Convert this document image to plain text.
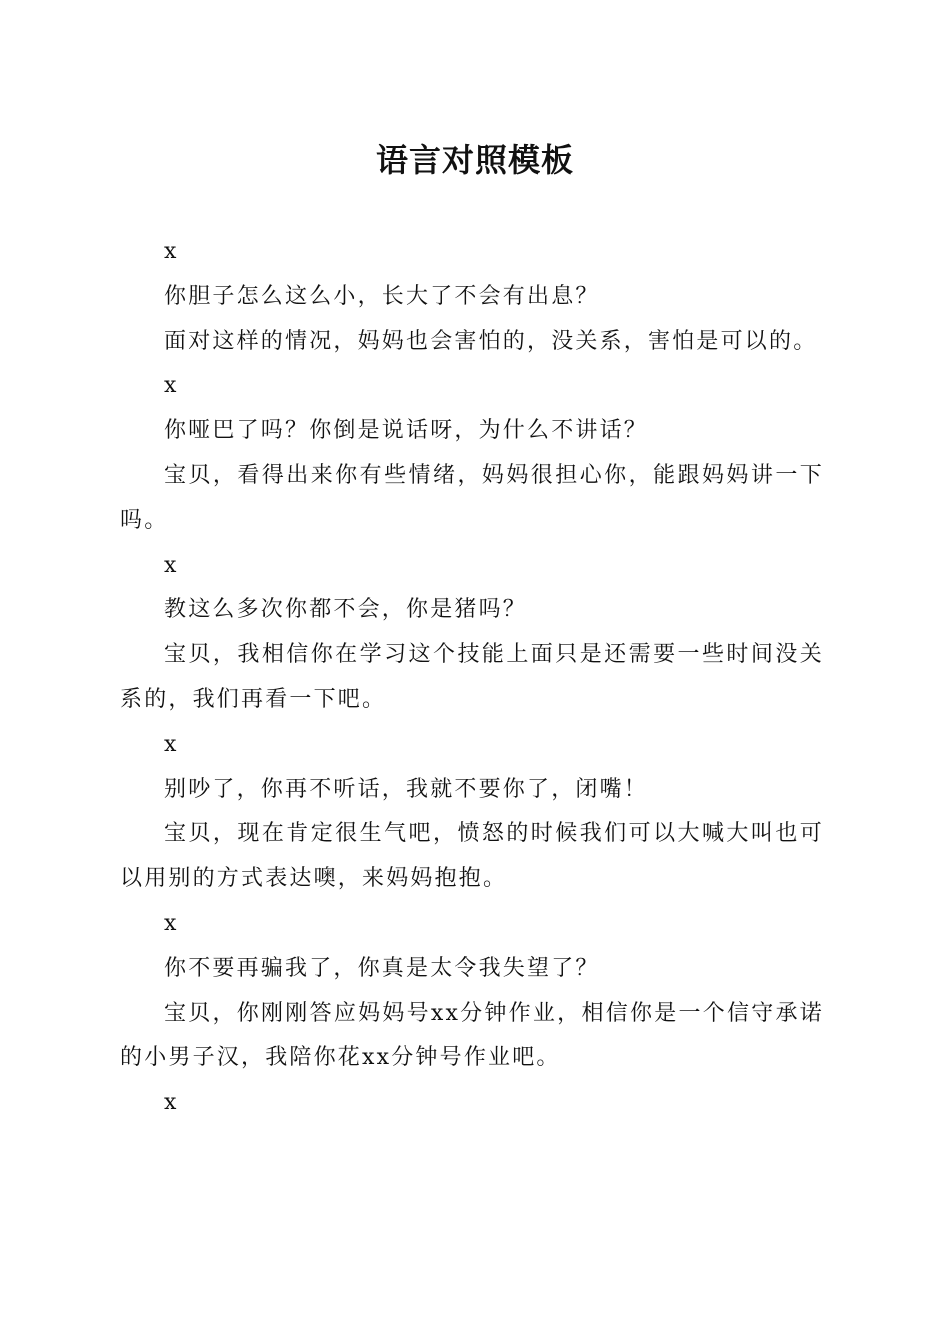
语言对照模板

x

你胆子怎么这么小，长大了不会有出息？

面对这样的情况，妈妈也会害怕的，没关系，害怕是可以的。

x

你哑巴了吗？你倒是说话呀，为什么不讲话？

宝贝，看得出来你有些情绪，妈妈很担心你，能跟妈妈讲一下吗。

x

教这么多次你都不会，你是猪吗？

宝贝，我相信你在学习这个技能上面只是还需要一些时间没关系的，我们再看一下吧。

x

别吵了，你再不听话，我就不要你了，闭嘴！

宝贝，现在肯定很生气吧，愤怒的时候我们可以大喊大叫也可以用别的方式表达噢，来妈妈抱抱。

x

你不要再骗我了，你真是太令我失望了？

宝贝，你刚刚答应妈妈号xx分钟作业，相信你是一个信守承诺的小男子汉，我陪你花xx分钟号作业吧。

x
